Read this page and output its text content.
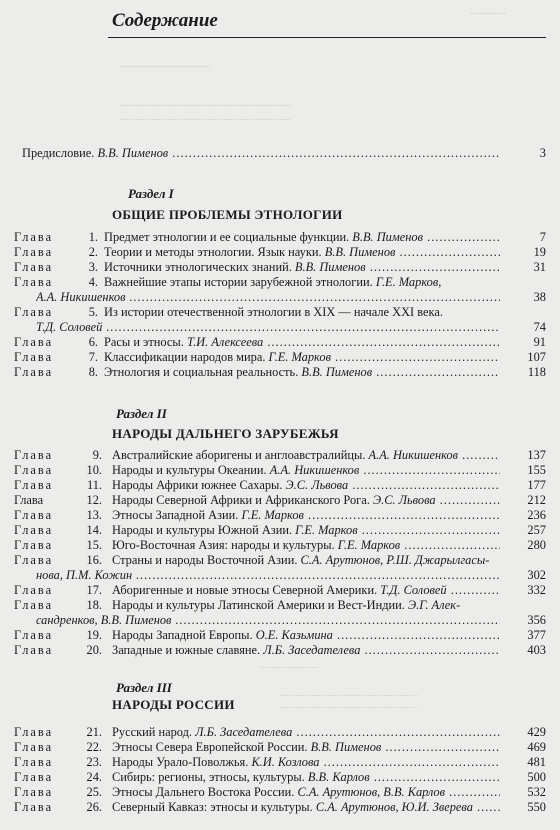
................
____________________
............................................................................
............................................................................
Содержание
Предисловие. В.В. Пименов .....	3
Раздел I
ОБЩИЕ ПРОБЛЕМЫ ЭТНОЛОГИИ
Глава	1. Предмет этнологии и ее социальные функции. В.В. Пименов .....	7
Глава	2. Теории и методы этнологии. Язык науки. В.В. Пименов .....	19
Глава	3. Источники этнологических знаний. В.В. Пименов .....	31
Глава	4. Важнейшие этапы истории зарубежной этнологии. Г.Е. Марков,
А.А. Никишенков .....	38
Глава	5. Из истории отечественной этнологии в XIX — начале XXI века.
Т.Д. Соловей .....	74
Глава	6. Расы и этносы. Т.И. Алексеева .....	91
Глава	7. Классификации народов мира. Г.Е. Марков .....	107
Глава	8. Этнология и социальная реальность. В.В. Пименов .....	118
Раздел II
НАРОДЫ ДАЛЬНЕГО ЗАРУБЕЖЬЯ
Глава	9. Австралийские аборигены и англоавстралийцы. А.А. Никишенков .....	137
Глава	10. Народы и культуры Океании. А.А. Никишенков .....	155
Глава	11. Народы Африки южнее Сахары. Э.С. Львова .....	177
Глава	12. Народы Северной Африки и Африканского Рога. Э.С. Львова .....	212
Глава	13. Этносы Западной Азии. Г.Е. Марков .....	236
Глава	14. Народы и культуры Южной Азии. Г.Е. Марков .....	257
Глава	15. Юго-Восточная Азия: народы и культуры. Г.Е. Марков .....	280
Глава	16. Страны и народы Восточной Азии. С.А. Арутюнов, Р.Ш. Джарылгасы-
нова, П.М. Кожин .....	302
Глава	17. Аборигенные и новые этносы Северной Америки. Т.Д. Соловей .....	332
Глава	18. Народы и культуры Латинской Америки и Вест-Индии. Э.Г. Алек-
сандренков, В.В. Пименов .....	356
Глава	19. Народы Западной Европы. О.Е. Казьмина .....	377
Глава	20. Западные и южные славяне. Л.Б. Заседателева .....	403
..........................
.............................................................
.............................................................
Раздел III
НАРОДЫ РОССИИ
Глава	21. Русский народ. Л.Б. Заседателева .....	429
Глава	22. Этносы Севера Европейской России. В.В. Пименов .....	469
Глава	23. Народы Урало-Поволжья. К.И. Козлова .....	481
Глава	24. Сибирь: регионы, этносы, культуры. В.В. Карлов .....	500
Глава	25. Этносы Дальнего Востока России. С.А. Арутюнов, В.В. Карлов .....	532
Глава	26. Северный Кавказ: этносы и культуры. С.А. Арутюнов, Ю.И. Зверева .....	550
